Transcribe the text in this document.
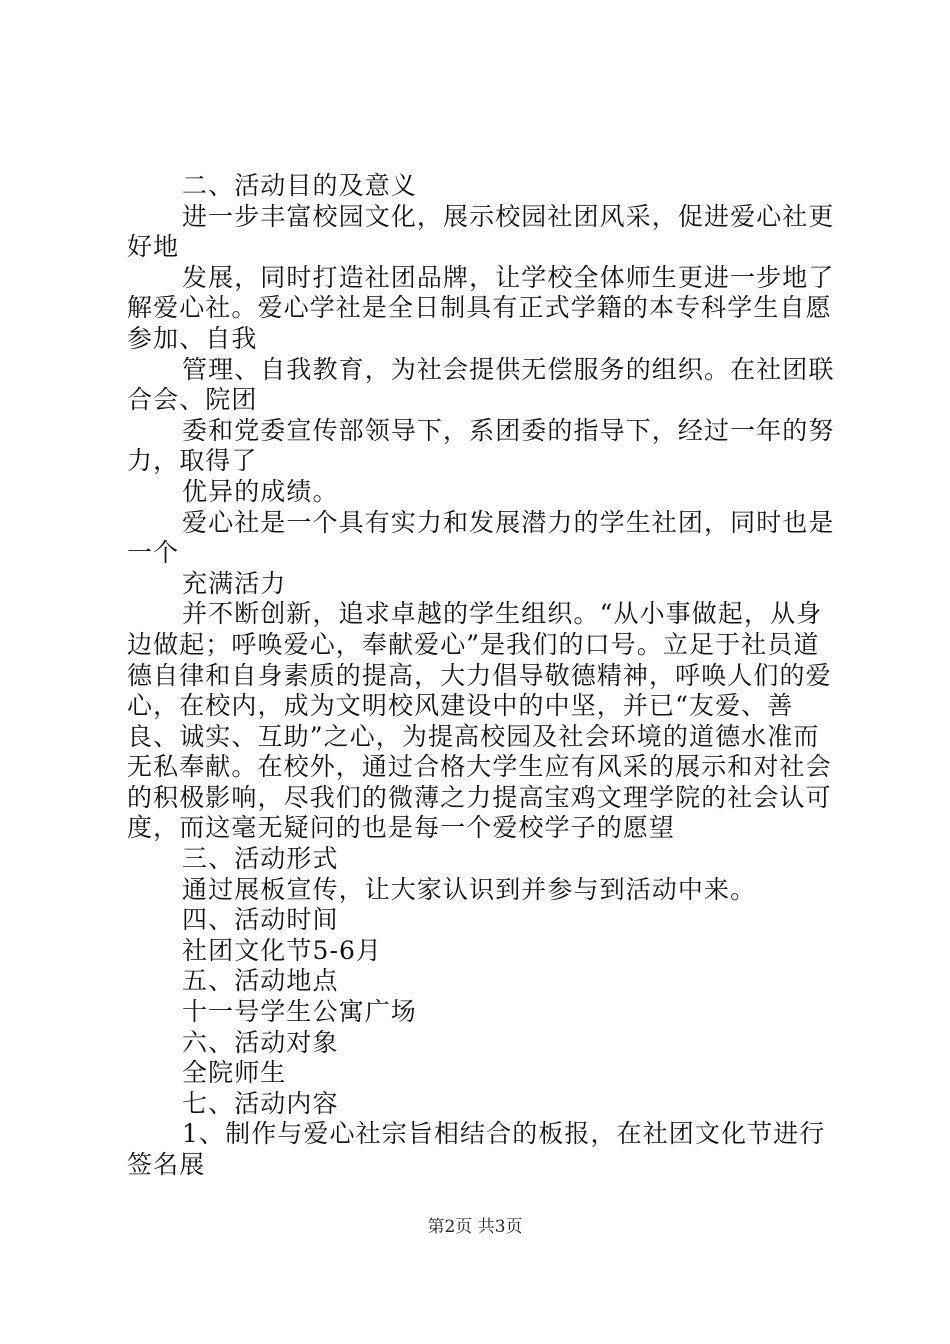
二、活动目的及意义

进一步丰富校园文化，展示校园社团风采，促进爱心社更好地

发展，同时打造社团品牌，让学校全体师生更进一步地了解爱心社。爱心学社是全日制具有正式学籍的本专科学生自愿参加、自我

管理、自我教育，为社会提供无偿服务的组织。在社团联合会、院团

委和党委宣传部领导下，系团委的指导下，经过一年的努力，取得了

优异的成绩。

爱心社是一个具有实力和发展潜力的学生社团，同时也是一个

充满活力

并不断创新，追求卓越的学生组织。“从小事做起，从身边做起；呼唤爱心，奉献爱心”是我们的口号。立足于社员道德自律和自身素质的提高，大力倡导敬德精神，呼唤人们的爱心，在校内，成为文明校风建设中的中坚，并已“友爱、善良、诚实、互助”之心，为提高校园及社会环境的道德水准而无私奉献。在校外，通过合格大学生应有风采的展示和对社会的积极影响，尽我们的微薄之力提高宝鸡文理学院的社会认可度，而这毫无疑问的也是每一个爱校学子的愿望

三、活动形式

通过展板宣传，让大家认识到并参与到活动中来。

四、活动时间

社团文化节5-6月

五、活动地点

十一号学生公寓广场

六、活动对象

全院师生

七、活动内容

1、制作与爱心社宗旨相结合的板报，在社团文化节进行签名展

第2页 共3页
